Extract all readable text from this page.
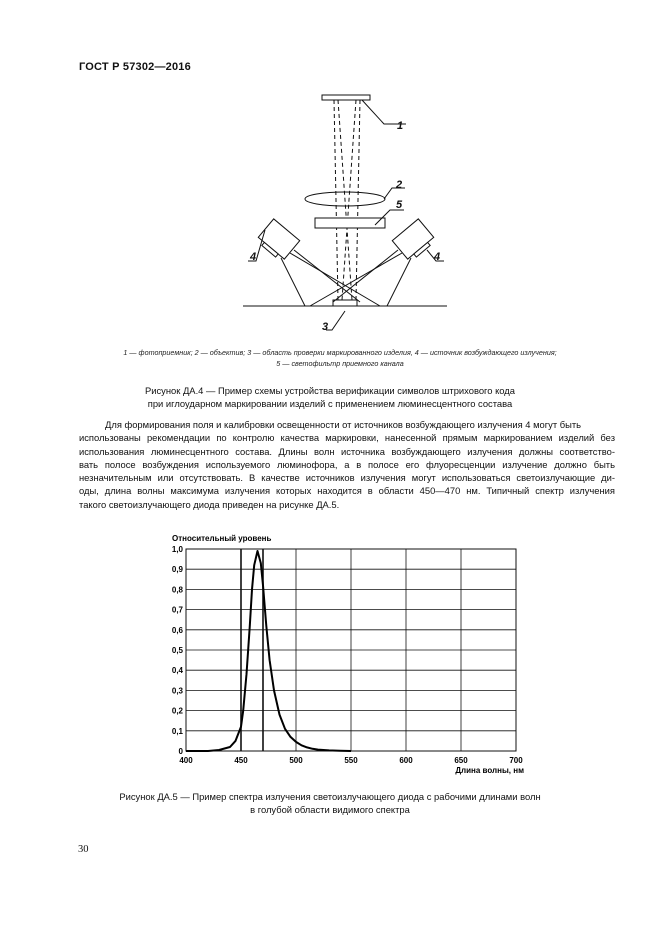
ГОСТ Р 57302—2016
1
2
5
4	4
3
1 — фотоприемник; 2 — объектив; 3 — область проверки маркированного изделия, 4 — источник возбуждающего излучения;
5 — светофильтр приемного канала
Рисунок ДА.4 — Пример схемы устройства верификации символов штрихового кода
при иглоударном маркировании изделий с применением люминесцентного состава
Для формирования поля и калибровки освещенности от источников возбуждающего излучения 4 могут быть
использованы рекомендации по контролю качества маркировки, нанесенной прямым маркированием изделий без
использования люминесцентного состава. Длины волн источника возбуждающего излучения должны соответство-
вать полосе возбуждения используемого люминофора, а в полосе его флуоресценции излучение должно быть
незначительным или отсутствовать. В качестве источников излучения могут использоваться светоизлучающие ди-
оды, длина волны максимума излучения которых находится в области 450—470 нм. Типичный спектр излучения
такого светоизлучающего диода приведен на рисунке ДА.5.
Относительный уровень
Длина волны, нм
0
0,1
0,2
0,3
0,4
0,5
0,6
0,7
0,8
0,9
1,0
400	450	500	550	600	650	700
Рисунок ДА.5 — Пример спектра излучения светоизлучающего диода с рабочими длинами волн
в голубой области видимого спектра
30
